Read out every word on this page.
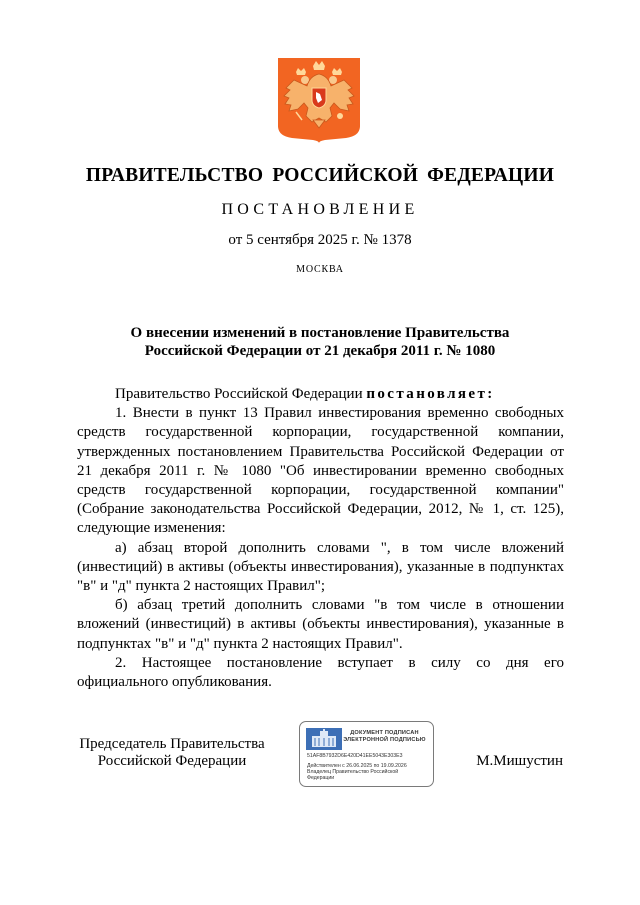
ПРАВИТЕЛЬСТВО РОССИЙСКОЙ ФЕДЕРАЦИИ
ПОСТАНОВЛЕНИЕ
от 5 сентября 2025 г. № 1378
МОСКВА
О внесении изменений в постановление Правительства
Российской Федерации от 21 декабря 2011 г. № 1080

Правительство Российской Федерации постановляет:

1. Внести в пункт 13 Правил инвестирования временно свободных средств государственной корпорации, государственной компании, утвержденных постановлением Правительства Российской Федерации от 21 декабря 2011 г. № 1080 "Об инвестировании временно свободных средств государственной корпорации, государственной компании" (Собрание законодательства Российской Федерации, 2012, № 1, ст. 125), следующие изменения:

а) абзац второй дополнить словами ", в том числе вложений (инвестиций) в активы (объекты инвестирования), указанные в подпунктах "в" и "д" пункта 2 настоящих Правил";

б) абзац третий дополнить словами "в том числе в отношении вложений (инвестиций) в активы (объекты инвестирования), указанные в подпунктах "в" и "д" пункта 2 настоящих Правил".

2. Настоящее постановление вступает в силу со дня его официального опубликования.

Председатель Правительства
Российской Федерации
ДОКУМЕНТ ПОДПИСАН
ЭЛЕКТРОННОЙ ПОДПИСЬЮ
51AF8B7932D6E420D41EE5043E303E3
Действителен с 26.06.2025 по 19.09.2026
Владелец Правительство Российской
Федерации
М.Мишустин
